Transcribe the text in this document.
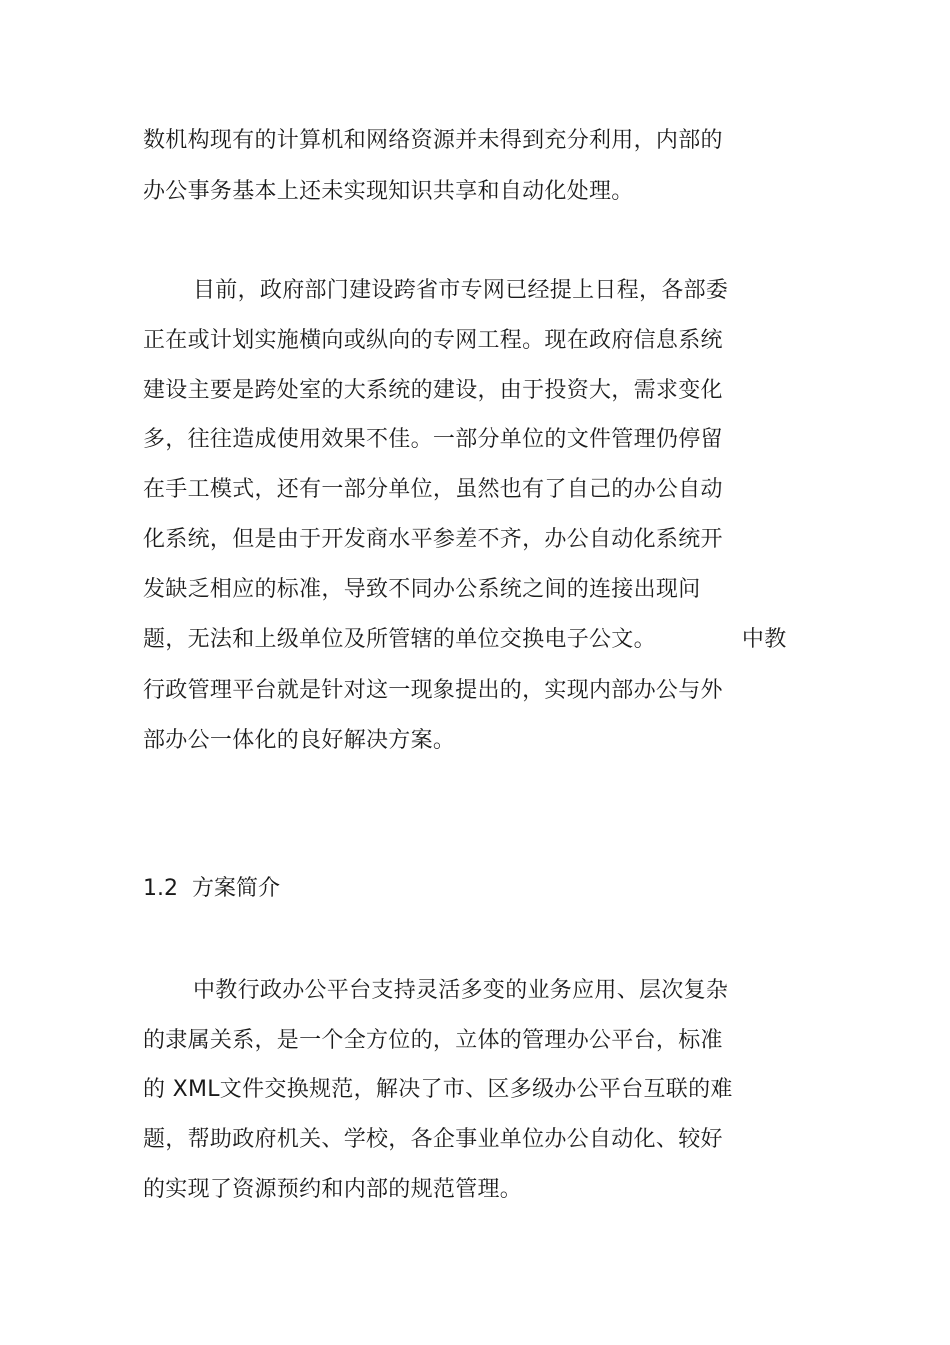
数机构现有的计算机和网络资源并未得到充分利用，内部的

办公事务基本上还未实现知识共享和自动化处理。

目前，政府部门建设跨省市专网已经提上日程，各部委

正在或计划实施横向或纵向的专网工程。现在政府信息系统

建设主要是跨处室的大系统的建设，由于投资大，需求变化

多，往往造成使用效果不佳。一部分单位的文件管理仍停留

在手工模式，还有一部分单位，虽然也有了自己的办公自动

化系统，但是由于开发商水平参差不齐，办公自动化系统开

发缺乏相应的标准，导致不同办公系统之间的连接出现问

题，无法和上级单位及所管辖的单位交换电子公文。	中教

行政管理平台就是针对这一现象提出的，实现内部办公与外

部办公一体化的良好解决方案。

1.2 方案简介

中教行政办公平台支持灵活多变的业务应用、层次复杂

的隶属关系，是一个全方位的，立体的管理办公平台，标准

的 XML文件交换规范，解决了市、区多级办公平台互联的难

题，帮助政府机关、学校，各企事业单位办公自动化、较好

的实现了资源预约和内部的规范管理。
